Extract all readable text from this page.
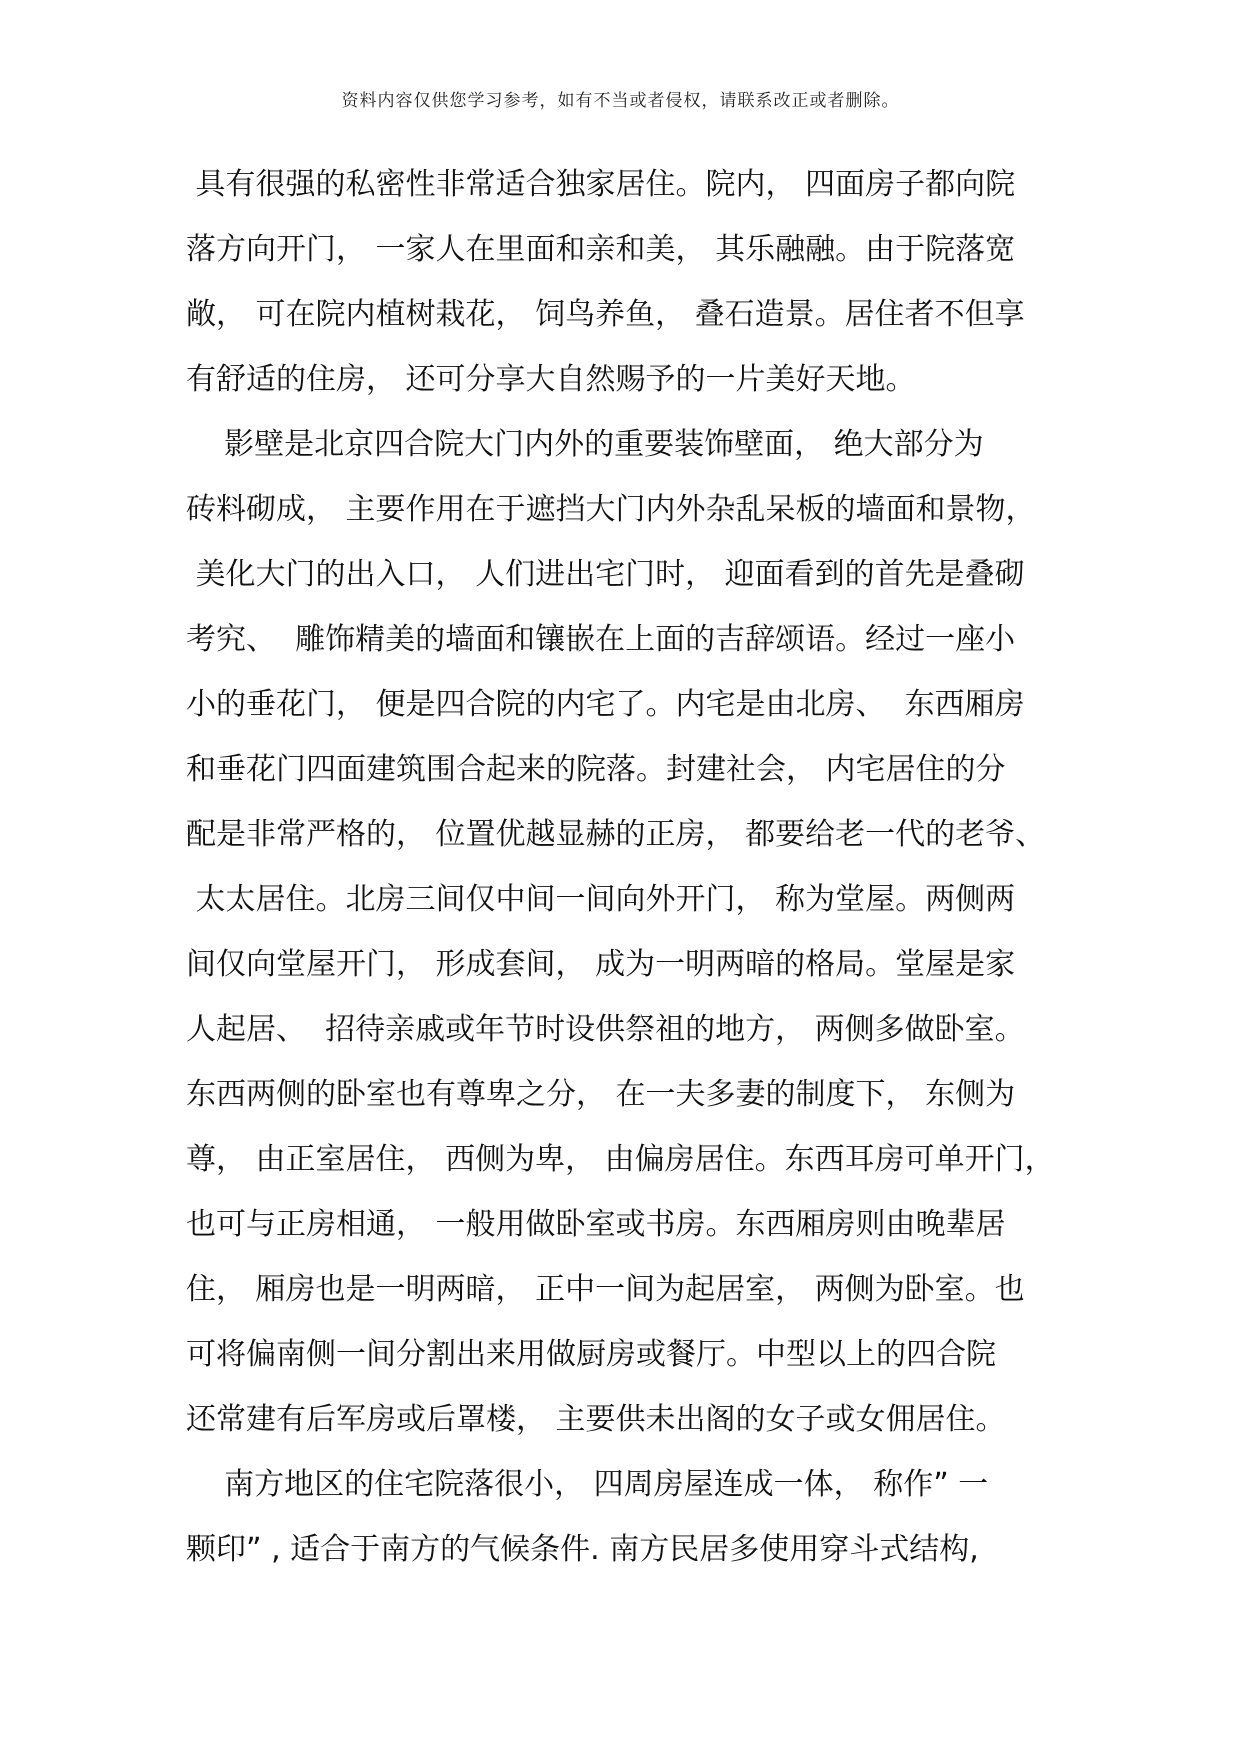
资料内容仅供您学习参考，如有不当或者侵权，请联系改正或者删除。
具有很强的私密性非常适合独家居住。院内， 四面房子都向院
落方向开门， 一家人在里面和亲和美， 其乐融融。由于院落宽
敞， 可在院内植树栽花， 饲鸟养鱼， 叠石造景。居住者不但享
有舒适的住房， 还可分享大自然赐予的一片美好天地。
影壁是北京四合院大门内外的重要装饰壁面， 绝大部分为
砖料砌成， 主要作用在于遮挡大门内外杂乱呆板的墙面和景物，
美化大门的出入口， 人们进出宅门时， 迎面看到的首先是叠砌
考究、  雕饰精美的墙面和镶嵌在上面的吉辞颂语。经过一座小
小的垂花门， 便是四合院的内宅了。内宅是由北房、  东西厢房
和垂花门四面建筑围合起来的院落。封建社会， 内宅居住的分
配是非常严格的， 位置优越显赫的正房， 都要给老一代的老爷、
太太居住。北房三间仅中间一间向外开门， 称为堂屋。两侧两
间仅向堂屋开门， 形成套间， 成为一明两暗的格局。堂屋是家
人起居、  招待亲戚或年节时设供祭祖的地方， 两侧多做卧室。
东西两侧的卧室也有尊卑之分， 在一夫多妻的制度下， 东侧为
尊， 由正室居住， 西侧为卑， 由偏房居住。东西耳房可单开门，
也可与正房相通， 一般用做卧室或书房。东西厢房则由晚辈居
住， 厢房也是一明两暗， 正中一间为起居室， 两侧为卧室。也
可将偏南侧一间分割出来用做厨房或餐厅。中型以上的四合院
还常建有后军房或后罩楼， 主要供未出阁的女子或女佣居住。
南方地区的住宅院落很小， 四周房屋连成一体， 称作” 一
颗印” , 适合于南方的气候条件. 南方民居多使用穿斗式结构,
